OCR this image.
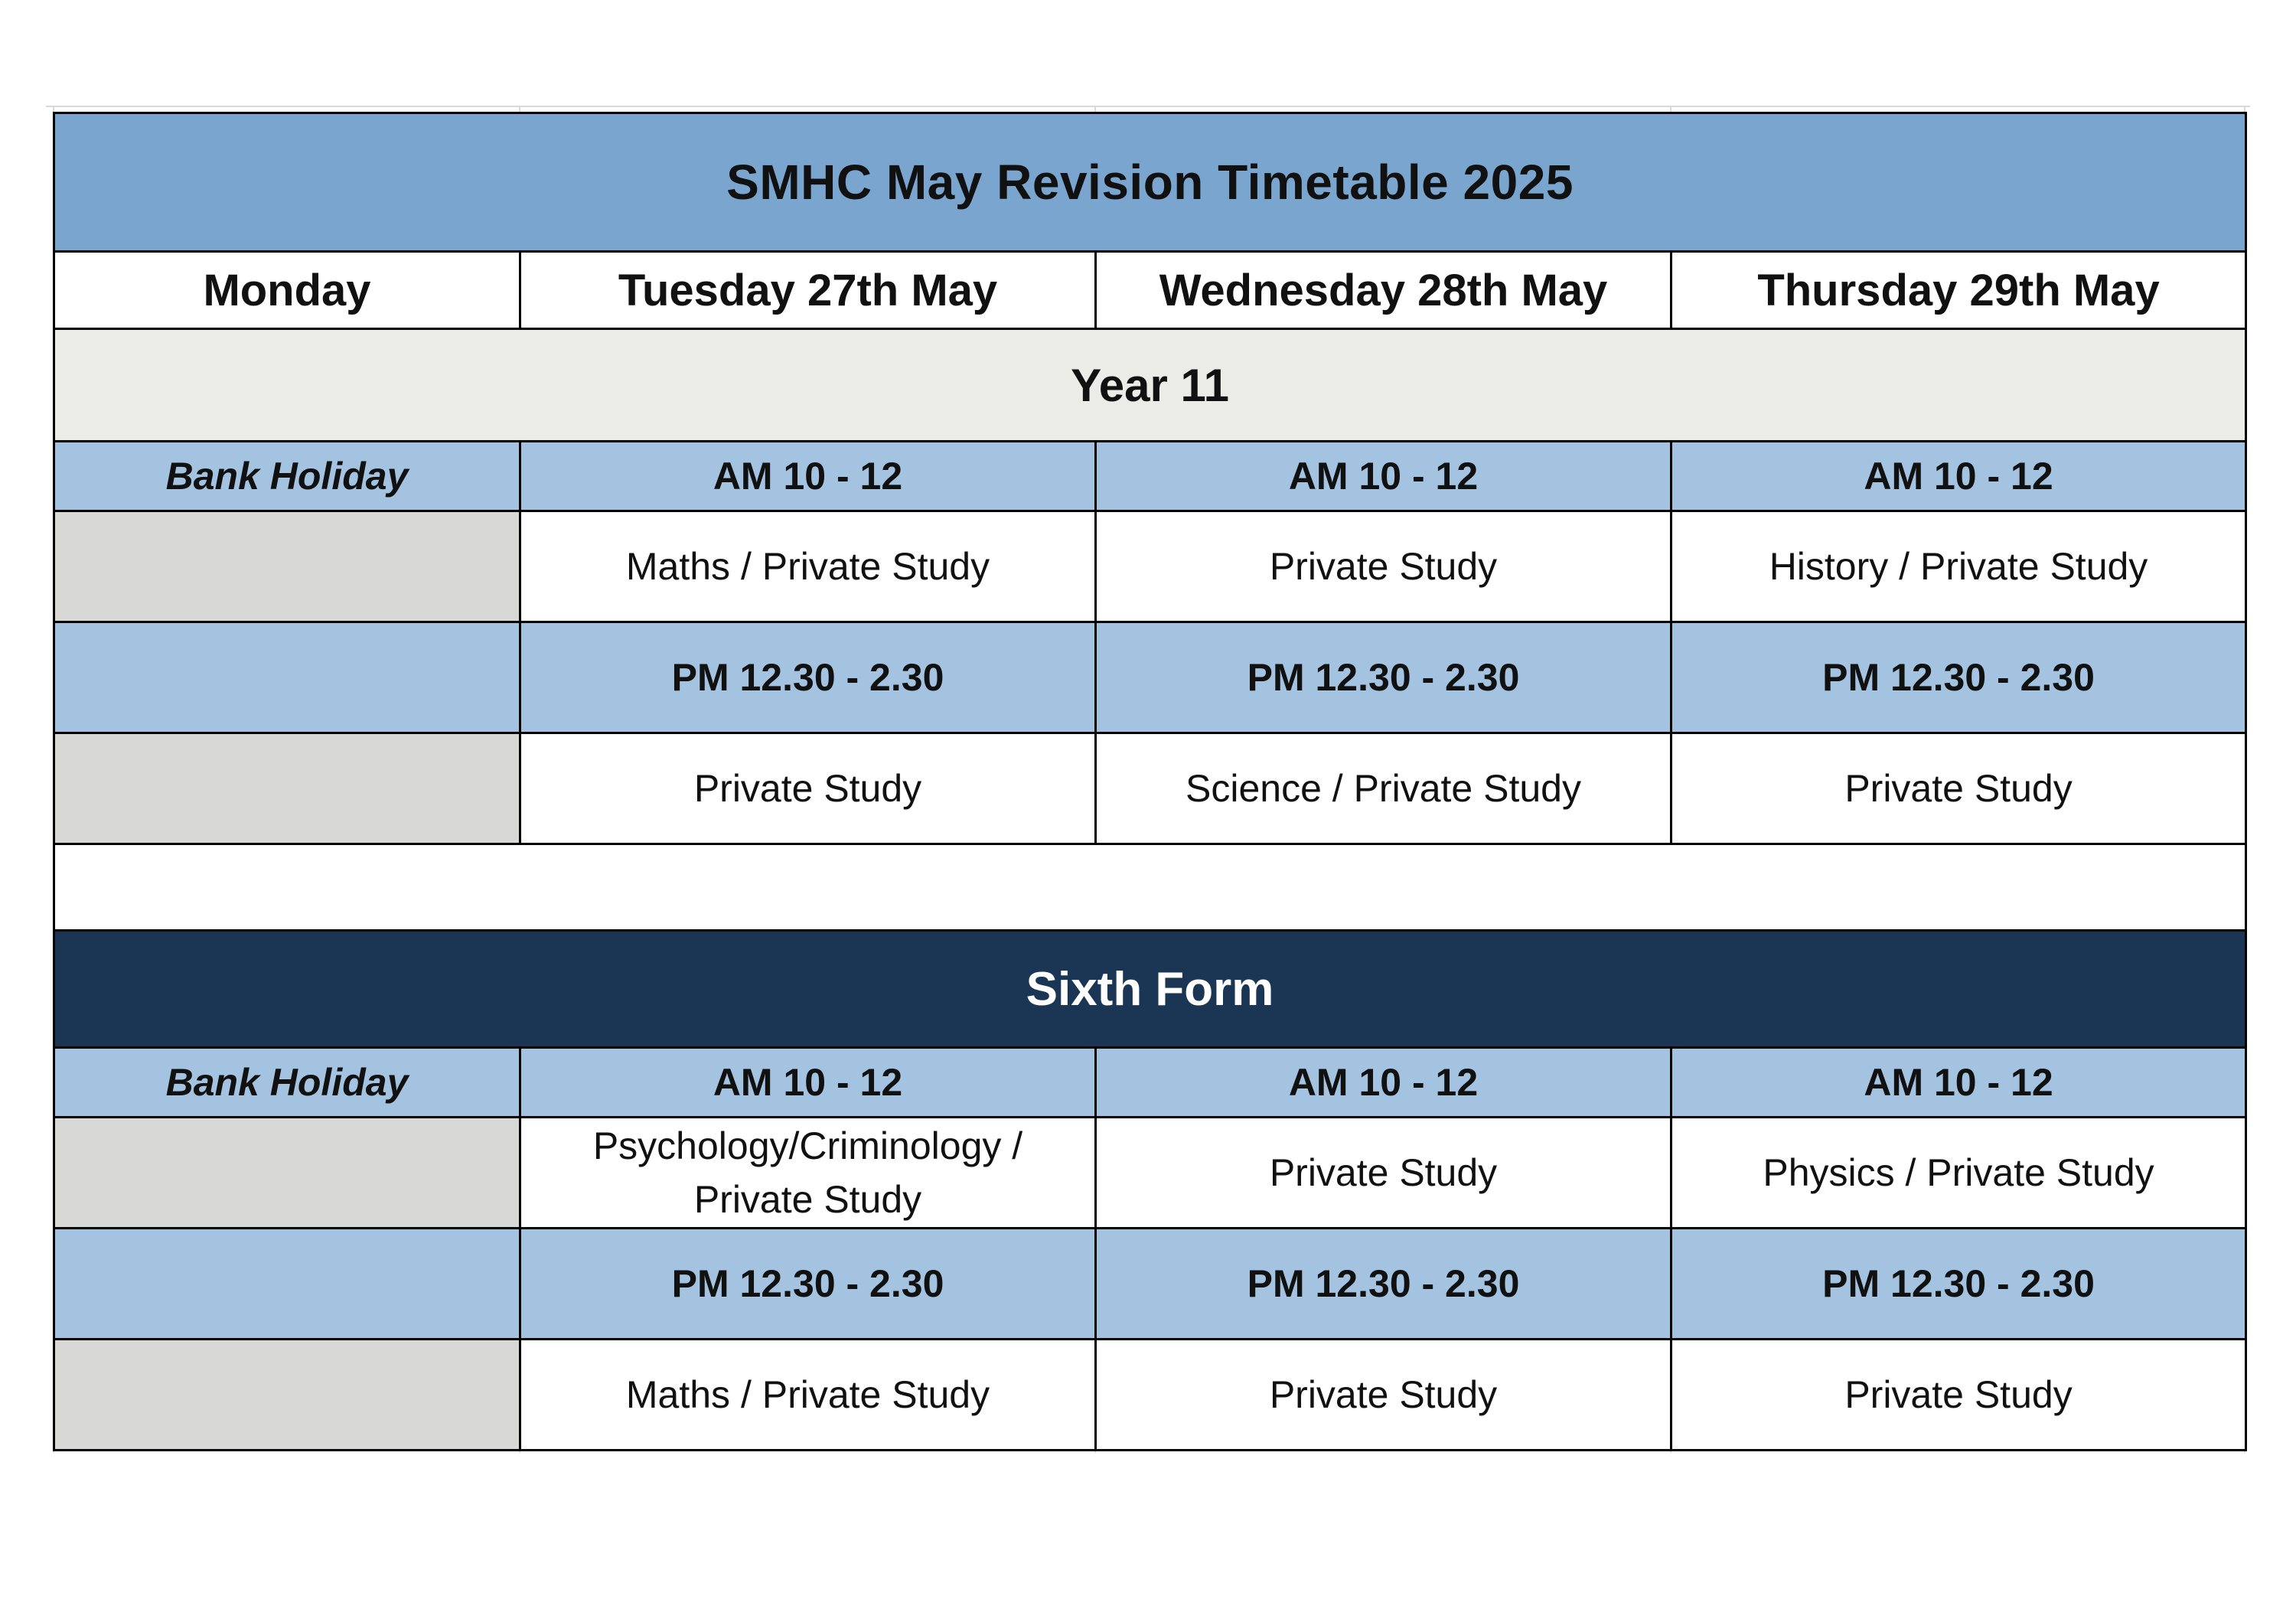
SMHC May Revision Timetable 2025			
Monday	Tuesday 27th May	Wednesday 28th May	Thursday 29th May
Year 11			
Bank Holiday	AM 10 - 12	AM 10 - 12	AM 10 - 12
	Maths / Private Study	Private Study	History / Private Study
	PM 12.30 - 2.30	PM 12.30 - 2.30	PM 12.30 - 2.30
	Private Study	Science / Private Study	Private Study

Sixth Form			
Bank Holiday	AM 10 - 12	AM 10 - 12	AM 10 - 12
	Psychology/Criminology / Private Study	Private Study	Physics / Private Study
	PM 12.30 - 2.30	PM 12.30 - 2.30	PM 12.30 - 2.30
	Maths / Private Study	Private Study	Private Study
